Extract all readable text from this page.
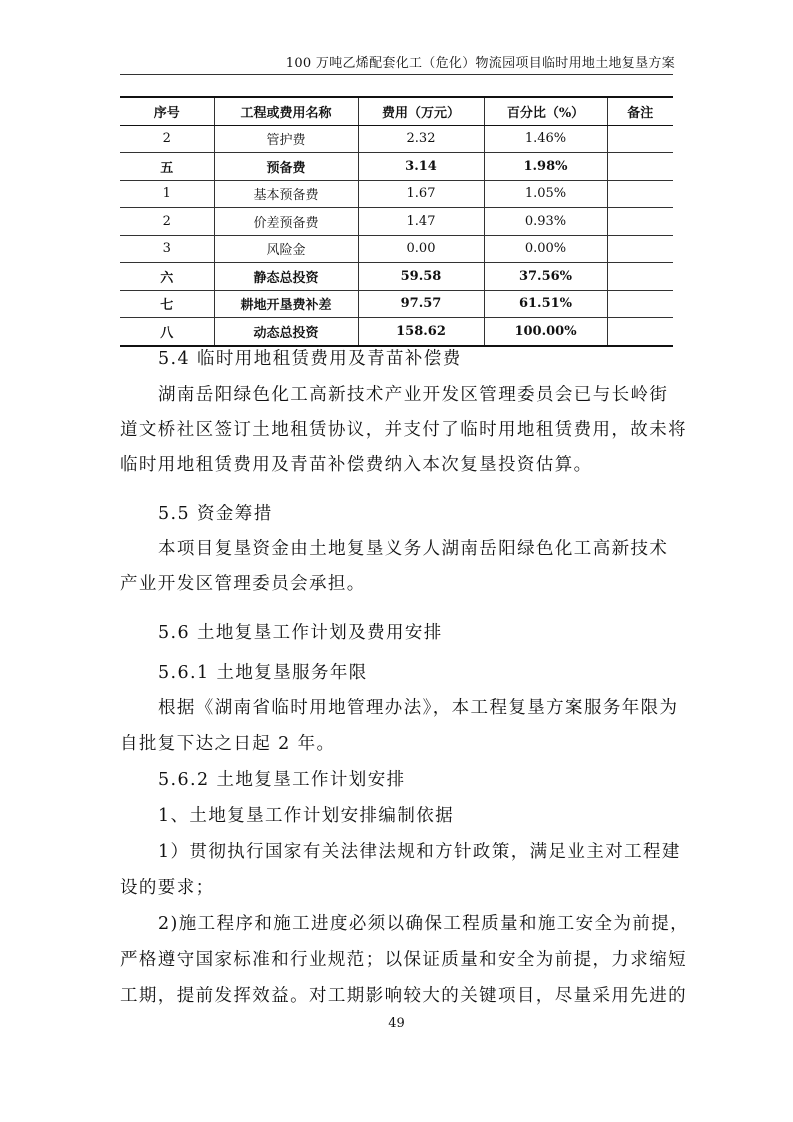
100 万吨乙烯配套化工（危化）物流园项目临时用地土地复垦方案
序号	工程或费用名称	费用（万元）	百分比（%）	备注
2	管护费	2.32	1.46%	
五	预备费	3.14	1.98%	
1	基本预备费	1.67	1.05%	
2	价差预备费	1.47	0.93%	
3	风险金	0.00	0.00%	
六	静态总投资	59.58	37.56%	
七	耕地开垦费补差	97.57	61.51%	
八	动态总投资	158.62	100.00%	
5.4 临时用地租赁费用及青苗补偿费
湖南岳阳绿色化工高新技术产业开发区管理委员会已与长岭街
道文桥社区签订土地租赁协议，并支付了临时用地租赁费用，故未将
临时用地租赁费用及青苗补偿费纳入本次复垦投资估算。
5.5 资金筹措
本项目复垦资金由土地复垦义务人湖南岳阳绿色化工高新技术
产业开发区管理委员会承担。
5.6 土地复垦工作计划及费用安排
5.6.1 土地复垦服务年限
根据《湖南省临时用地管理办法》，本工程复垦方案服务年限为
自批复下达之日起 2 年。
5.6.2 土地复垦工作计划安排
1、土地复垦工作计划安排编制依据
1）贯彻执行国家有关法律法规和方针政策，满足业主对工程建
设的要求；
2)施工程序和施工进度必须以确保工程质量和施工安全为前提，
严格遵守国家标准和行业规范；以保证质量和安全为前提，力求缩短
工期，提前发挥效益。对工期影响较大的关键项目，尽量采用先进的
49
